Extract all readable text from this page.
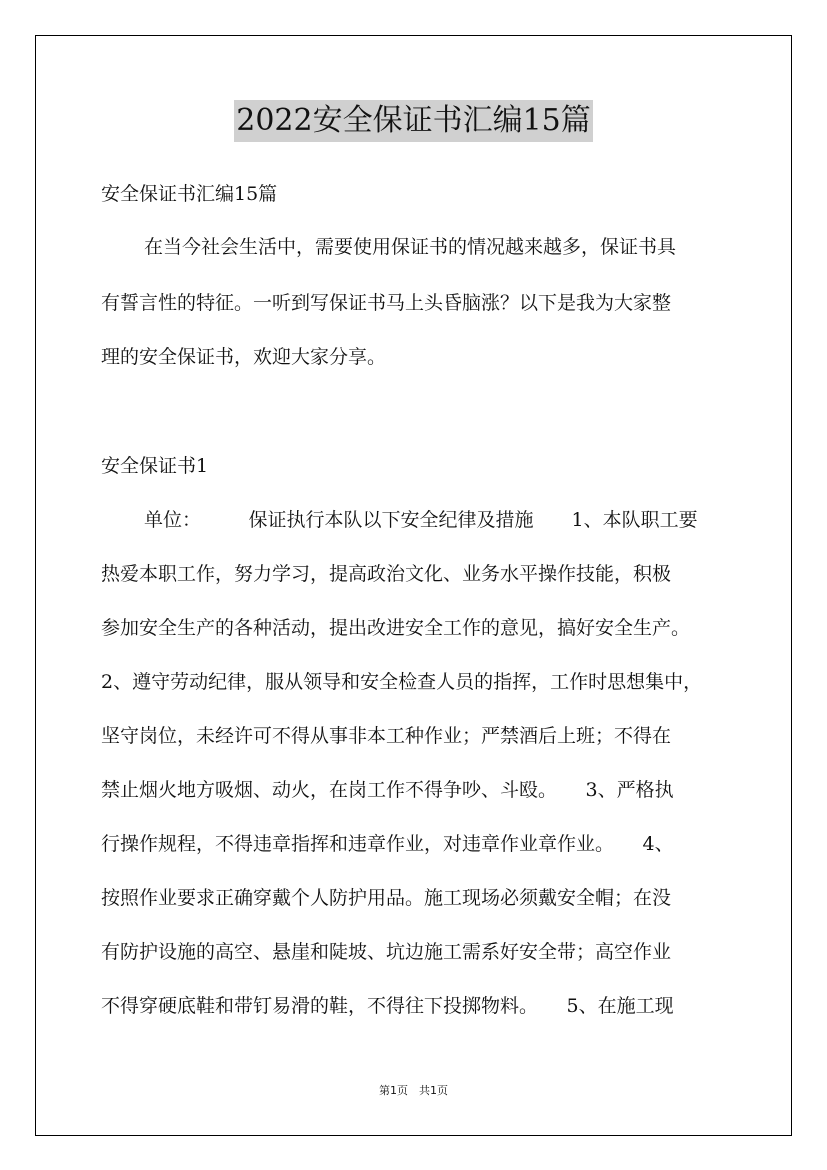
2022安全保证书汇编15篇
安全保证书汇编15篇
在当今社会生活中，需要使用保证书的情况越来越多，保证书具
有誓言性的特征。一听到写保证书马上头昏脑涨？以下是我为大家整
理的安全保证书，欢迎大家分享。
安全保证书1
单位：　　　保证执行本队以下安全纪律及措施　　1、本队职工要
热爱本职工作，努力学习，提高政治文化、业务水平操作技能，积极
参加安全生产的各种活动，提出改进安全工作的意见，搞好安全生产。
2、遵守劳动纪律，服从领导和安全检查人员的指挥，工作时思想集中，
坚守岗位，未经许可不得从事非本工种作业；严禁酒后上班；不得在
禁止烟火地方吸烟、动火，在岗工作不得争吵、斗殴。　　3、严格执
行操作规程，不得违章指挥和违章作业，对违章作业章作业。　　4、
按照作业要求正确穿戴个人防护用品。施工现场必须戴安全帽；在没
有防护设施的高空、悬崖和陡坡、坑边施工需系好安全带；高空作业
不得穿硬底鞋和带钉易滑的鞋，不得往下投掷物料。　　5、在施工现
第1页　共1页
